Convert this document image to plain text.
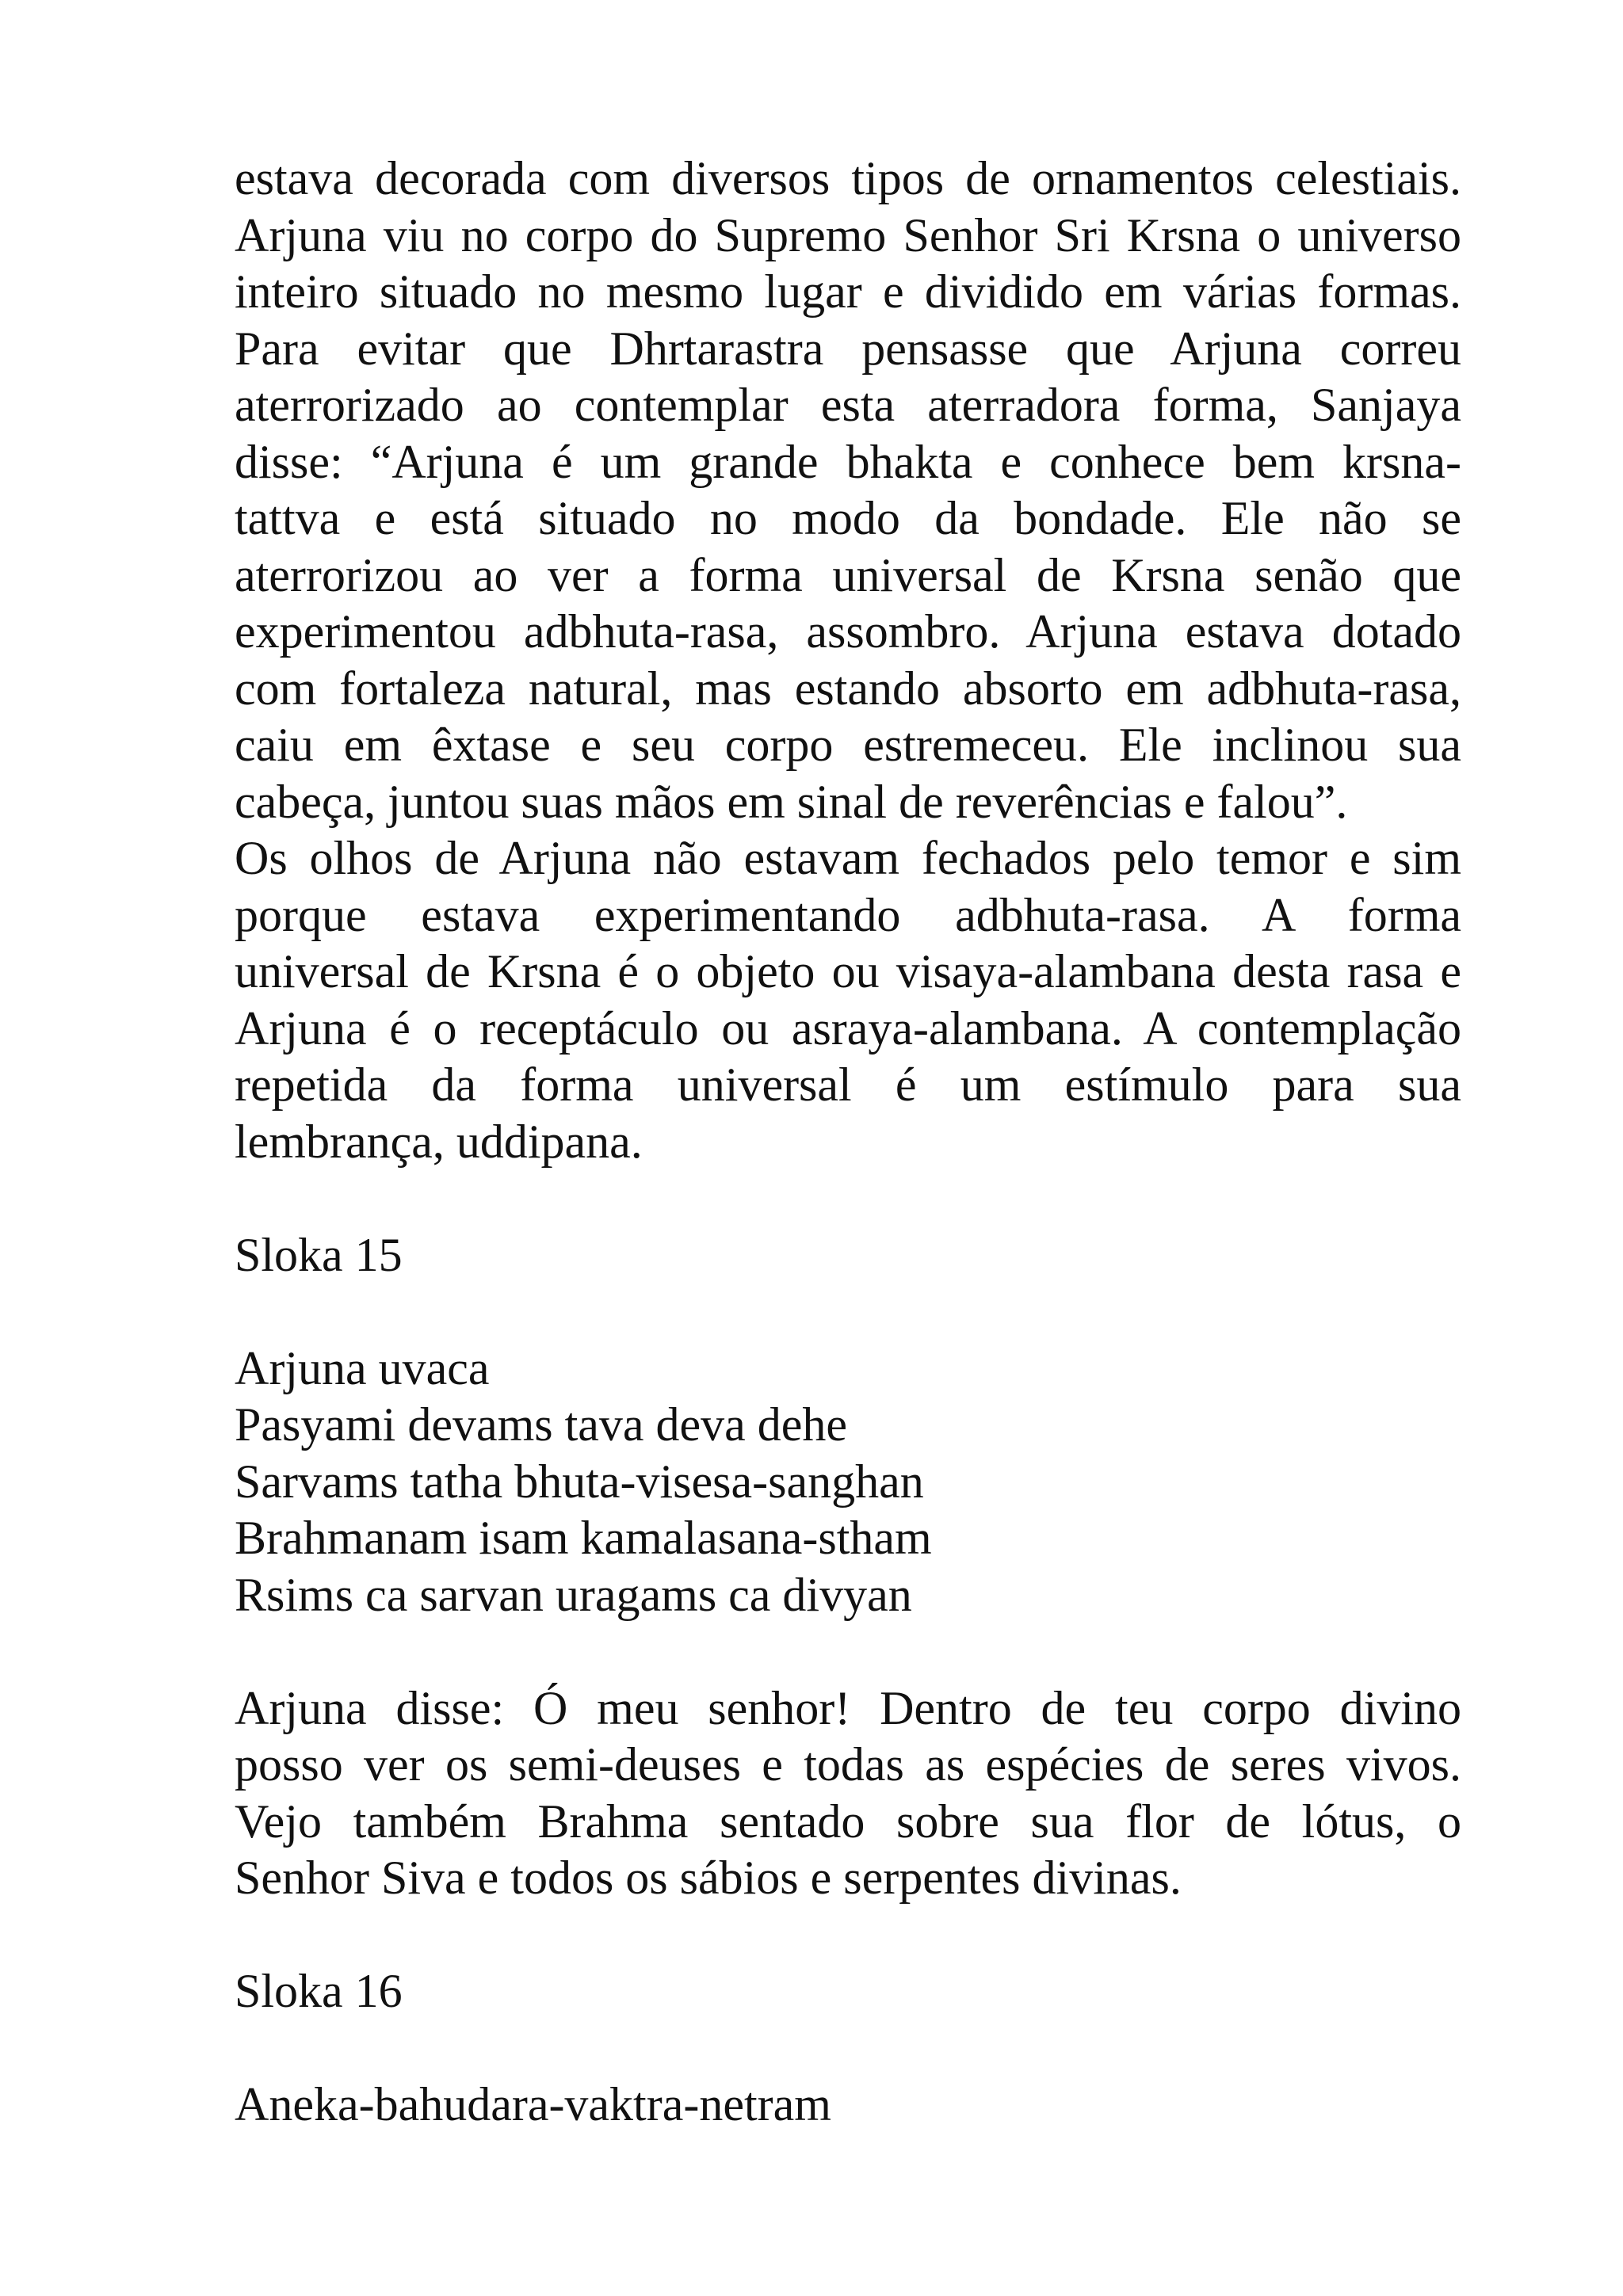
estava decorada com diversos tipos de ornamentos celestiais.
Arjuna viu no corpo do Supremo Senhor Sri Krsna o universo
inteiro situado no mesmo lugar e dividido em várias formas.
Para evitar que Dhrtarastra pensasse que Arjuna correu
aterrorizado ao contemplar esta aterradora forma, Sanjaya
disse: “Arjuna é um grande bhakta e conhece bem krsna-
tattva e está situado no modo da bondade. Ele não se
aterrorizou ao ver a forma universal de Krsna senão que
experimentou adbhuta-rasa, assombro. Arjuna estava dotado
com fortaleza natural, mas estando absorto em adbhuta-rasa,
caiu em êxtase e seu corpo estremeceu. Ele inclinou sua
cabeça, juntou suas mãos em sinal de reverências e falou”.
Os olhos de Arjuna não estavam fechados pelo temor e sim
porque estava experimentando adbhuta-rasa. A forma
universal de Krsna é o objeto ou visaya-alambana desta rasa e
Arjuna é o receptáculo ou asraya-alambana. A contemplação
repetida da forma universal é um estímulo para sua
lembrança, uddipana.
Sloka 15
Arjuna uvaca
Pasyami devams tava deva dehe
Sarvams tatha bhuta-visesa-sanghan
Brahmanam isam kamalasana-stham
Rsims ca sarvan uragams ca divyan
Arjuna disse: Ó meu senhor! Dentro de teu corpo divino
posso ver os semi-deuses e todas as espécies de seres vivos.
Vejo também Brahma sentado sobre sua flor de lótus, o
Senhor Siva e todos os sábios e serpentes divinas.
Sloka 16
Aneka-bahudara-vaktra-netram
